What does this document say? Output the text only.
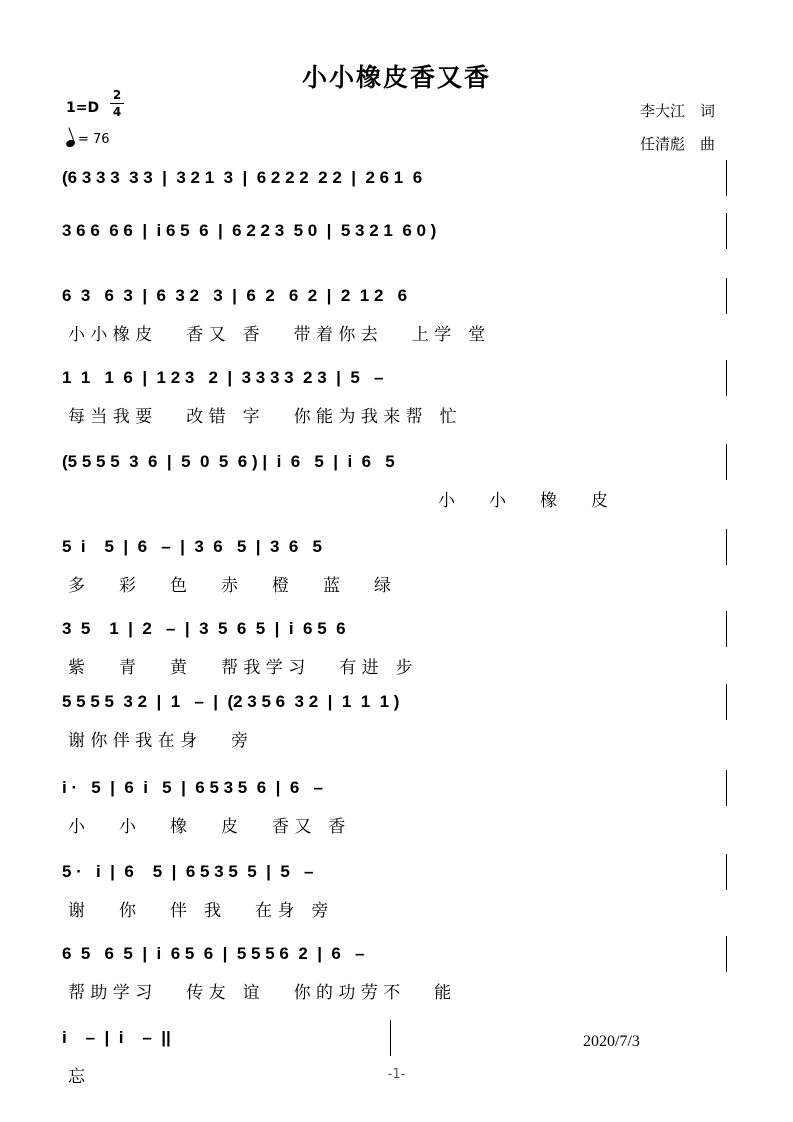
小小橡皮香又香
1=D
2
4
= 76
李大江　词
任清彪　曲
(6 3 3 3  3 3  |  3 2 1  3  |  6 2 2 2  2 2  |  2 6 1  6
3 6 6  6 6  |  i 6 5  6  |  6 2 2 3  5 0  |  5 3 2 1  6 0 )
6  3   6  3  |  6  3 2   3  |  6  2   6  2  |  2  1 2   6
小 小 橡 皮　　香 又　香　　带 着 你 去　　上 学　堂
1  1   1  6  |  1 2 3   2  |  3 3 3 3  2 3  |  5   –
每 当 我 要　　改 错　字　　你 能 为 我 来 帮　忙
(5 5 5 5  3  6  |  5  0  5  6 ) |  i  6   5  |  i  6   5
小　　小　　橡　　皮
5  i    5  |  6   –  |  3  6   5  |  3  6   5
多　　彩　　色　　赤　　橙　　蓝　　绿
3  5    1  |  2   –  |  3  5  6  5  |  i  6 5  6
紫　　青　　黄　　帮 我 学 习　　有 进　步
5 5 5 5  3 2  |  1   –  |  (2 3 5 6  3 2  |  1  1  1 )
谢 你 伴 我 在 身　　旁
i ·   5  |  6  i   5  |  6 5 3 5  6  |  6   –
小　　小　　橡　　皮　　香 又　香
5 ·   i  |  6    5  |  6 5 3 5  5  |  5   –
谢　　你　　伴　我　　在 身　旁
6  5   6  5  |  i  6 5  6  |  5 5 5 6  2  |  6   –
帮 助 学 习　　传 友　谊　　你 的 功 劳 不　　能
i    –  |  i    –  ||
忘
2020/7/3
-1-
